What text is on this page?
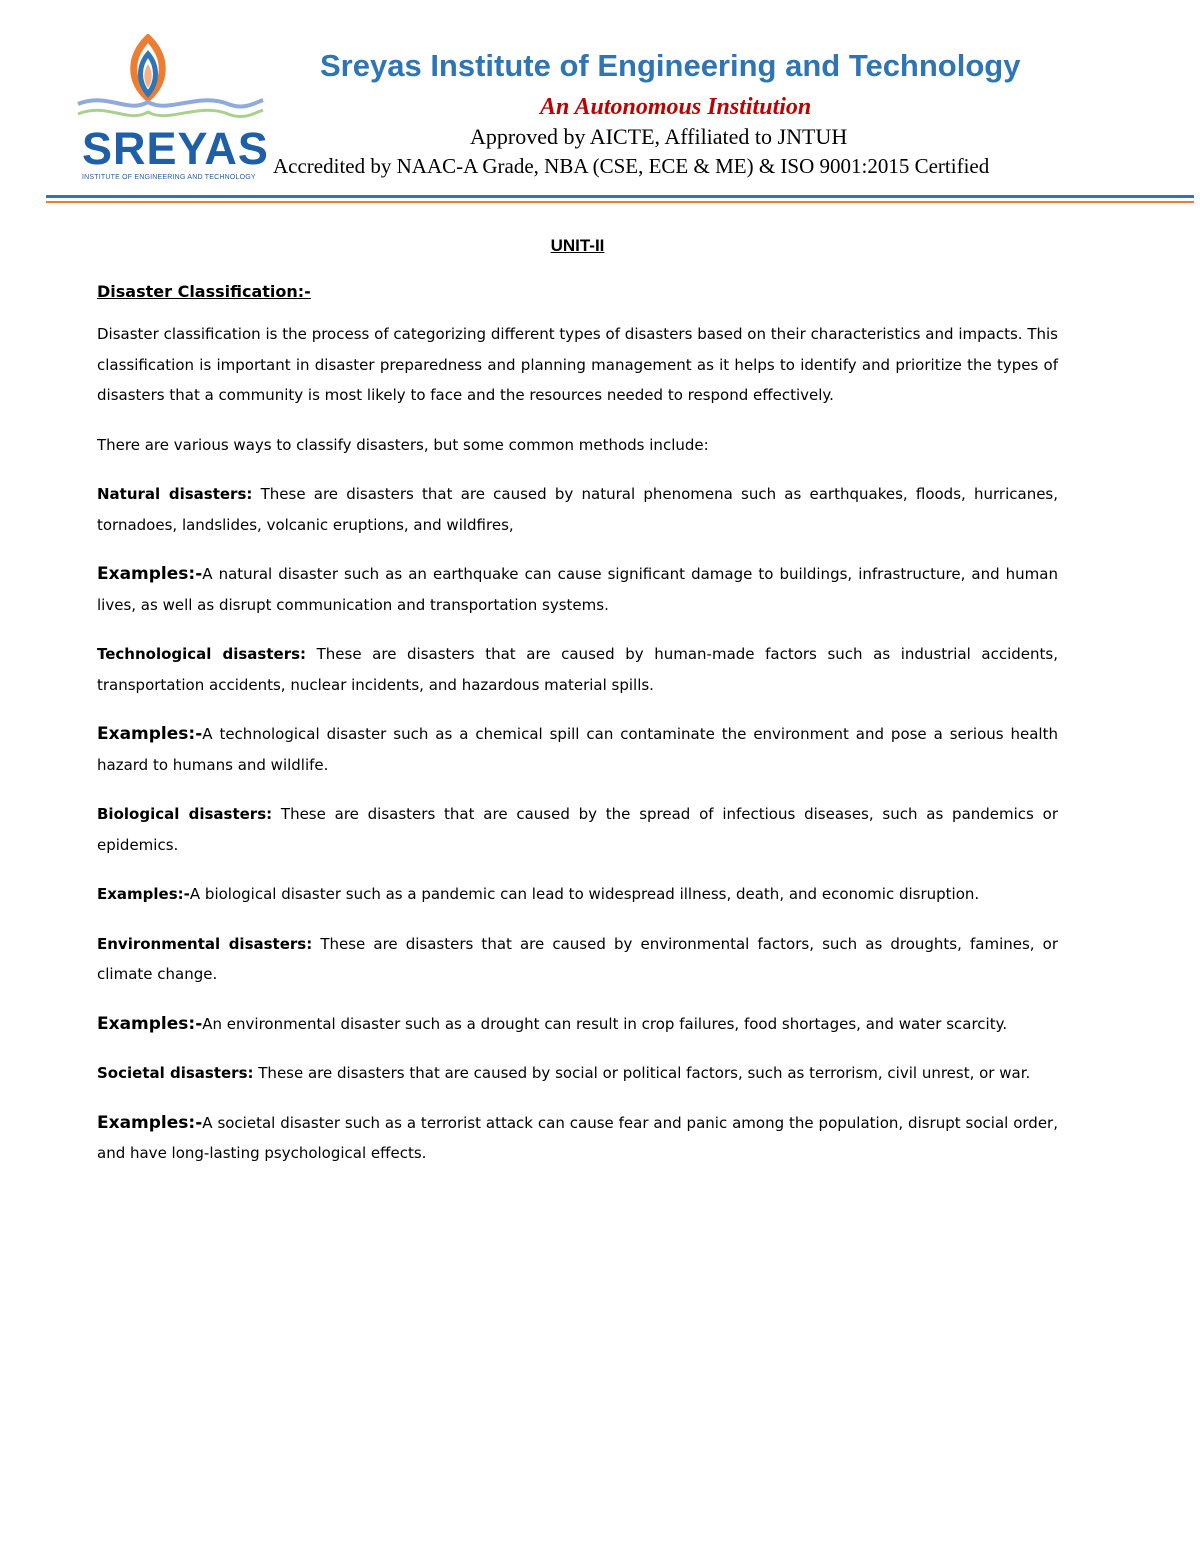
SREYAS
INSTITUTE OF ENGINEERING AND TECHNOLOGY
Sreyas Institute of Engineering and Technology
An Autonomous Institution
Approved by AICTE, Affiliated to JNTUH
Accredited by NAAC-A Grade, NBA (CSE, ECE & ME) & ISO 9001:2015 Certified
UNIT-II
Disaster Classification:-

Disaster classification is the process of categorizing different types of disasters based on their characteristics and impacts. This classification is important in disaster preparedness and planning management as it helps to identify and prioritize the types of disasters that a community is most likely to face and the resources needed to respond effectively.

There are various ways to classify disasters, but some common methods include:

Natural disasters: These are disasters that are caused by natural phenomena such as earthquakes, floods, hurricanes, tornadoes, landslides, volcanic eruptions, and wildfires,

Examples:-A natural disaster such as an earthquake can cause significant damage to buildings, infrastructure, and human lives, as well as disrupt communication and transportation systems.

Technological disasters: These are disasters that are caused by human-made factors such as industrial accidents, transportation accidents, nuclear incidents, and hazardous material spills.

Examples:-A technological disaster such as a chemical spill can contaminate the environment and pose a serious health hazard to humans and wildlife.

Biological disasters: These are disasters that are caused by the spread of infectious diseases, such as pandemics or epidemics.

Examples:-A biological disaster such as a pandemic can lead to widespread illness, death, and economic disruption.

Environmental disasters: These are disasters that are caused by environmental factors, such as droughts, famines, or climate change.

Examples:-An environmental disaster such as a drought can result in crop failures, food shortages, and water scarcity.

Societal disasters: These are disasters that are caused by social or political factors, such as terrorism, civil unrest, or war.

Examples:-A societal disaster such as a terrorist attack can cause fear and panic among the population, disrupt social order, and have long-lasting psychological effects.
